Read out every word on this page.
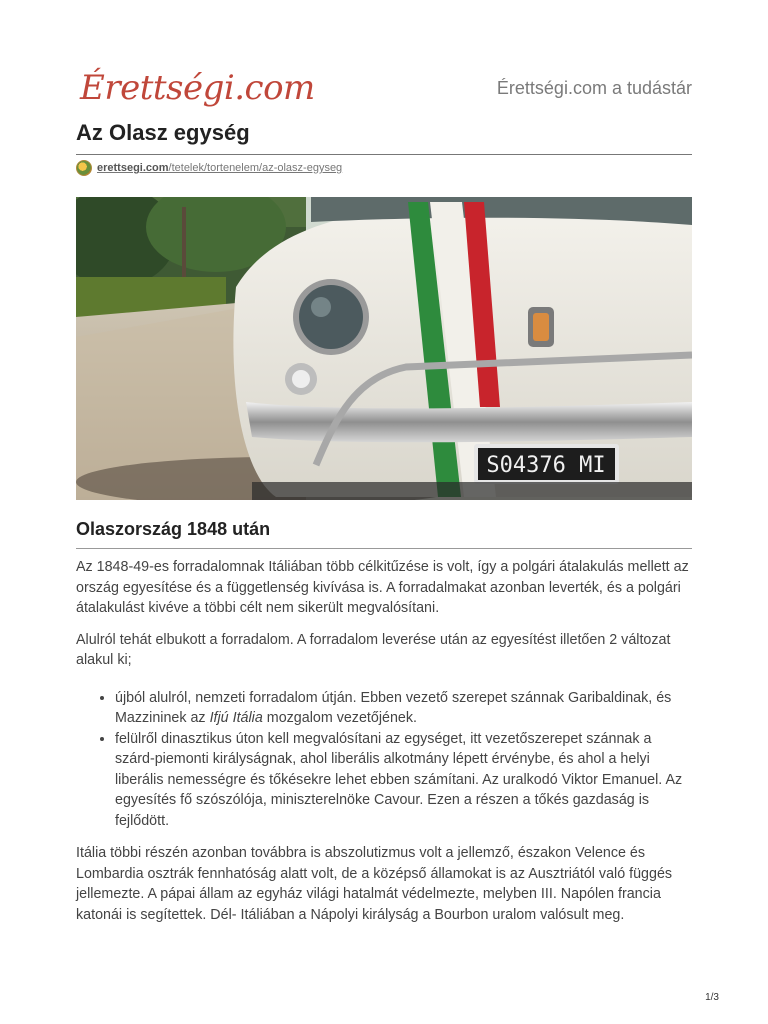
Érettségi.com	Érettségi.com a tudástár
Az Olasz egység
erettsegi.com/tetelek/tortenelem/az-olasz-egyseg
S04376 MI
Olaszország 1848 után

Az 1848-49-es forradalomnak Itáliában több célkitűzése is volt, így a polgári átalakulás mellett az ország egyesítése és a függetlenség kivívása is. A forradalmakat azonban leverték, és a polgári átalakulást kivéve a többi célt nem sikerült megvalósítani.

Alulról tehát elbukott a forradalom. A forradalom leverése után az egyesítést illetően 2 változat alakul ki;

• újból alulról, nemzeti forradalom útján. Ebben vezető szerepet szánnak Garibaldinak, és Mazzininek az Ifjú Itália mozgalom vezetőjének.
• felülről dinasztikus úton kell megvalósítani az egységet, itt vezetőszerepet szánnak a szárd-piemonti királyságnak, ahol liberális alkotmány lépett érvénybe, és ahol a helyi liberális nemességre és tőkésekre lehet ebben számítani. Az uralkodó Viktor Emanuel. Az egyesítés fő szószólója, miniszterelnöke Cavour. Ezen a részen a tőkés gazdaság is fejlődött.

Itália többi részén azonban továbbra is abszolutizmus volt a jellemző, északon Velence és Lombardia osztrák fennhatóság alatt volt, de a középső államokat is az Ausztriától való függés jellemezte. A pápai állam az egyház világi hatalmát védelmezte, melyben III. Napólen francia katonái is segítettek. Dél- Itáliában a Nápolyi királyság a Bourbon uralom valósult meg.

1/3
